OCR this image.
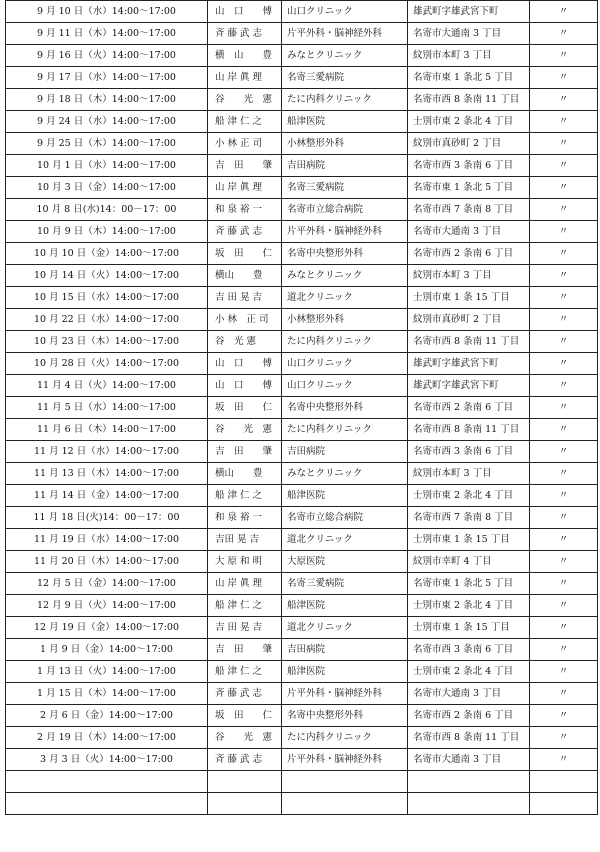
9 月 10 日（水）14:00〜17:00	山　口　　傅	山口クリニック	雄武町字雄武宮下町	〃
9 月 11 日（木）14:00〜17:00	斉 藤 武 志	片平外科・脳神経外科	名寄市大通南 3 丁目	〃
9 月 16 日（火）14:00〜17:00	横　山　　豊	みなとクリニック	紋別市本町 3 丁目	〃
9 月 17 日（水）14:00〜17:00	山 岸 眞 理	名寄三愛病院	名寄市東 1 条北 5 丁目	〃
9 月 18 日（木）14:00〜17:00	谷　　光　憲	たに内科クリニック	名寄市西 8 条南 11 丁目	〃
9 月 24 日（水）14:00〜17:00	船 津 仁 之	船津医院	士別市東 2 条北 4 丁目	〃
9 月 25 日（木）14:00〜17:00	小 林 正 司	小林整形外科	紋別市真砂町 2 丁目	〃
10 月 1 日（水）14:00〜17:00	吉　田　　肇	吉田病院	名寄市西 3 条南 6 丁目	〃
10 月 3 日（金）14:00〜17:00	山 岸 眞 理	名寄三愛病院	名寄市東 1 条北 5 丁目	〃
10 月 8 日(水)14：00－17：00	和 泉 裕 一	名寄市立総合病院	名寄市西 7 条南 8 丁目	〃
10 月 9 日（木）14:00〜17:00	斉 藤 武 志	片平外科・脳神経外科	名寄市大通南 3 丁目	〃
10 月 10 日（金）14:00〜17:00	坂　田　　仁	名寄中央整形外科	名寄市西 2 条南 6 丁目	〃
10 月 14 日（火）14:00〜17:00	横山　　豊	みなとクリニック	紋別市本町 3 丁目	〃
10 月 15 日（水）14:00〜17:00	吉 田 晃 吉	道北クリニック	士別市東 1 条 15 丁目	〃
10 月 22 日（水）14:00〜17:00	小 林　正 司	小林整形外科	紋別市真砂町 2 丁目	〃
10 月 23 日（木）14:00〜17:00	谷　光 憲	たに内科クリニック	名寄市西 8 条南 11 丁目	〃
10 月 28 日（火）14:00〜17:00	山　口　　傅	山口クリニック	雄武町字雄武宮下町	〃
11 月 4 日（火）14:00〜17:00	山　口　　傅	山口クリニック	雄武町字雄武宮下町	〃
11 月 5 日（水）14:00〜17:00	坂　田　　仁	名寄中央整形外科	名寄市西 2 条南 6 丁目	〃
11 月 6 日（木）14:00〜17:00	谷　　光　憲	たに内科クリニック	名寄市西 8 条南 11 丁目	〃
11 月 12 日（水）14:00〜17:00	吉　田　　肇	吉田病院	名寄市西 3 条南 6 丁目	〃
11 月 13 日（木）14:00〜17:00	横山　　豊	みなとクリニック	紋別市本町 3 丁目	〃
11 月 14 日（金）14:00〜17:00	船 津 仁 之	船津医院	士別市東 2 条北 4 丁目	〃
11 月 18 日(火)14：00－17：00	和 泉 裕 一	名寄市立総合病院	名寄市西 7 条南 8 丁目	〃
11 月 19 日（水）14:00〜17:00	吉田 晃 吉	道北クリニック	士別市東 1 条 15 丁目	〃
11 月 20 日（木）14:00〜17:00	大 原 和 明	大原医院	紋別市幸町 4 丁目	〃
12 月 5 日（金）14:00〜17:00	山 岸 眞 理	名寄三愛病院	名寄市東 1 条北 5 丁目	〃
12 月 9 日（火）14:00〜17:00	船 津 仁 之	船津医院	士別市東 2 条北 4 丁目	〃
12 月 19 日（金）14:00〜17:00	吉 田 晃 吉	道北クリニック	士別市東 1 条 15 丁目	〃
1 月 9 日（金）14:00〜17:00	吉　田　　肇	吉田病院	名寄市西 3 条南 6 丁目	〃
1 月 13 日（火）14:00〜17:00	船 津 仁 之	船津医院	士別市東 2 条北 4 丁目	〃
1 月 15 日（木）14:00〜17:00	斉 藤 武 志	片平外科・脳神経外科	名寄市大通南 3 丁目	〃
2 月 6 日（金）14:00〜17:00	坂　田　　仁	名寄中央整形外科	名寄市西 2 条南 6 丁目	〃
2 月 19 日（木）14:00〜17:00	谷　　光　憲	たに内科クリニック	名寄市西 8 条南 11 丁目	〃
3 月 3 日（火）14:00〜17:00	斉 藤 武 志	片平外科・脳神経外科	名寄市大通南 3 丁目	〃
